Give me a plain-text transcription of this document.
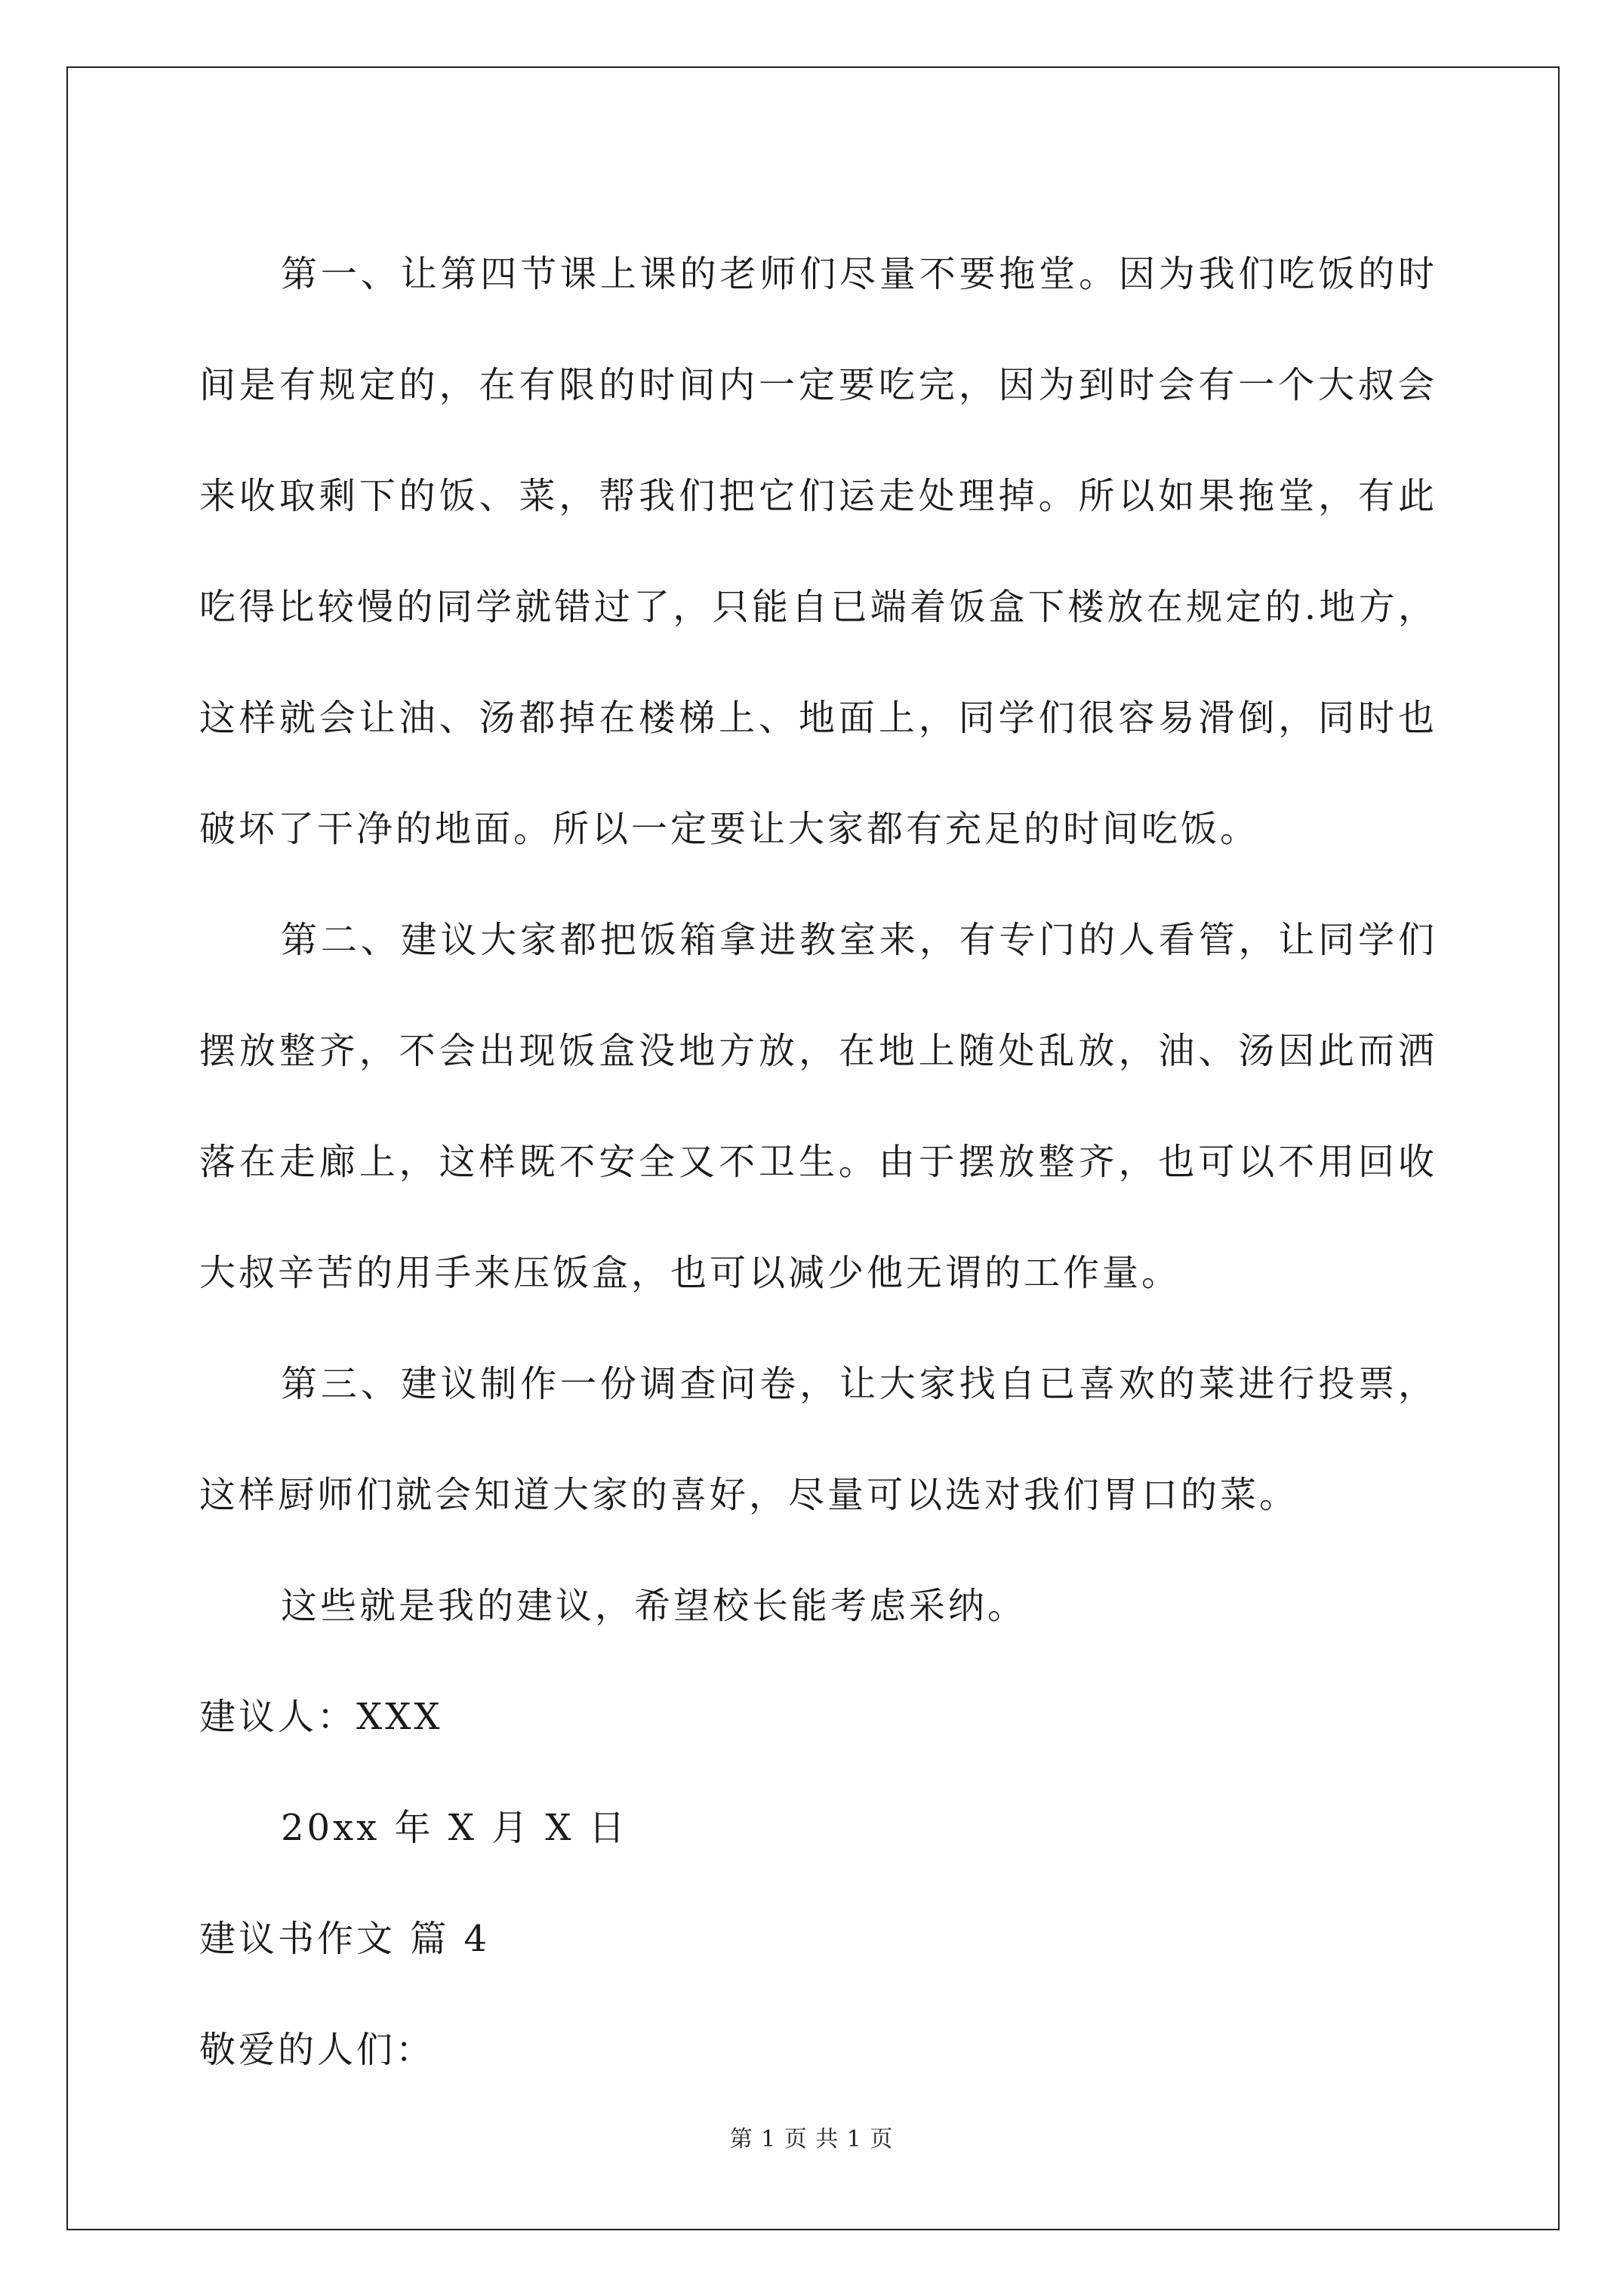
第一、让第四节课上课的老师们尽量不要拖堂。因为我们吃饭的时间是有规定的，在有限的时间内一定要吃完，因为到时会有一个大叔会来收取剩下的饭、菜，帮我们把它们运走处理掉。所以如果拖堂，有此吃得比较慢的同学就错过了，只能自已端着饭盒下楼放在规定的.地方，这样就会让油、汤都掉在楼梯上、地面上，同学们很容易滑倒，同时也破坏了干净的地面。所以一定要让大家都有充足的时间吃饭。

第二、建议大家都把饭箱拿进教室来，有专门的人看管，让同学们摆放整齐，不会出现饭盒没地方放，在地上随处乱放，油、汤因此而洒落在走廊上，这样既不安全又不卫生。由于摆放整齐，也可以不用回收大叔辛苦的用手来压饭盒，也可以减少他无谓的工作量。

第三、建议制作一份调查问卷，让大家找自已喜欢的菜进行投票，这样厨师们就会知道大家的喜好，尽量可以选对我们胃口的菜。

这些就是我的建议，希望校长能考虑采纳。

建议人：XXX

20xx 年 X 月 X 日

建议书作文 篇 4

敬爱的人们：

第 1 页 共 1 页
